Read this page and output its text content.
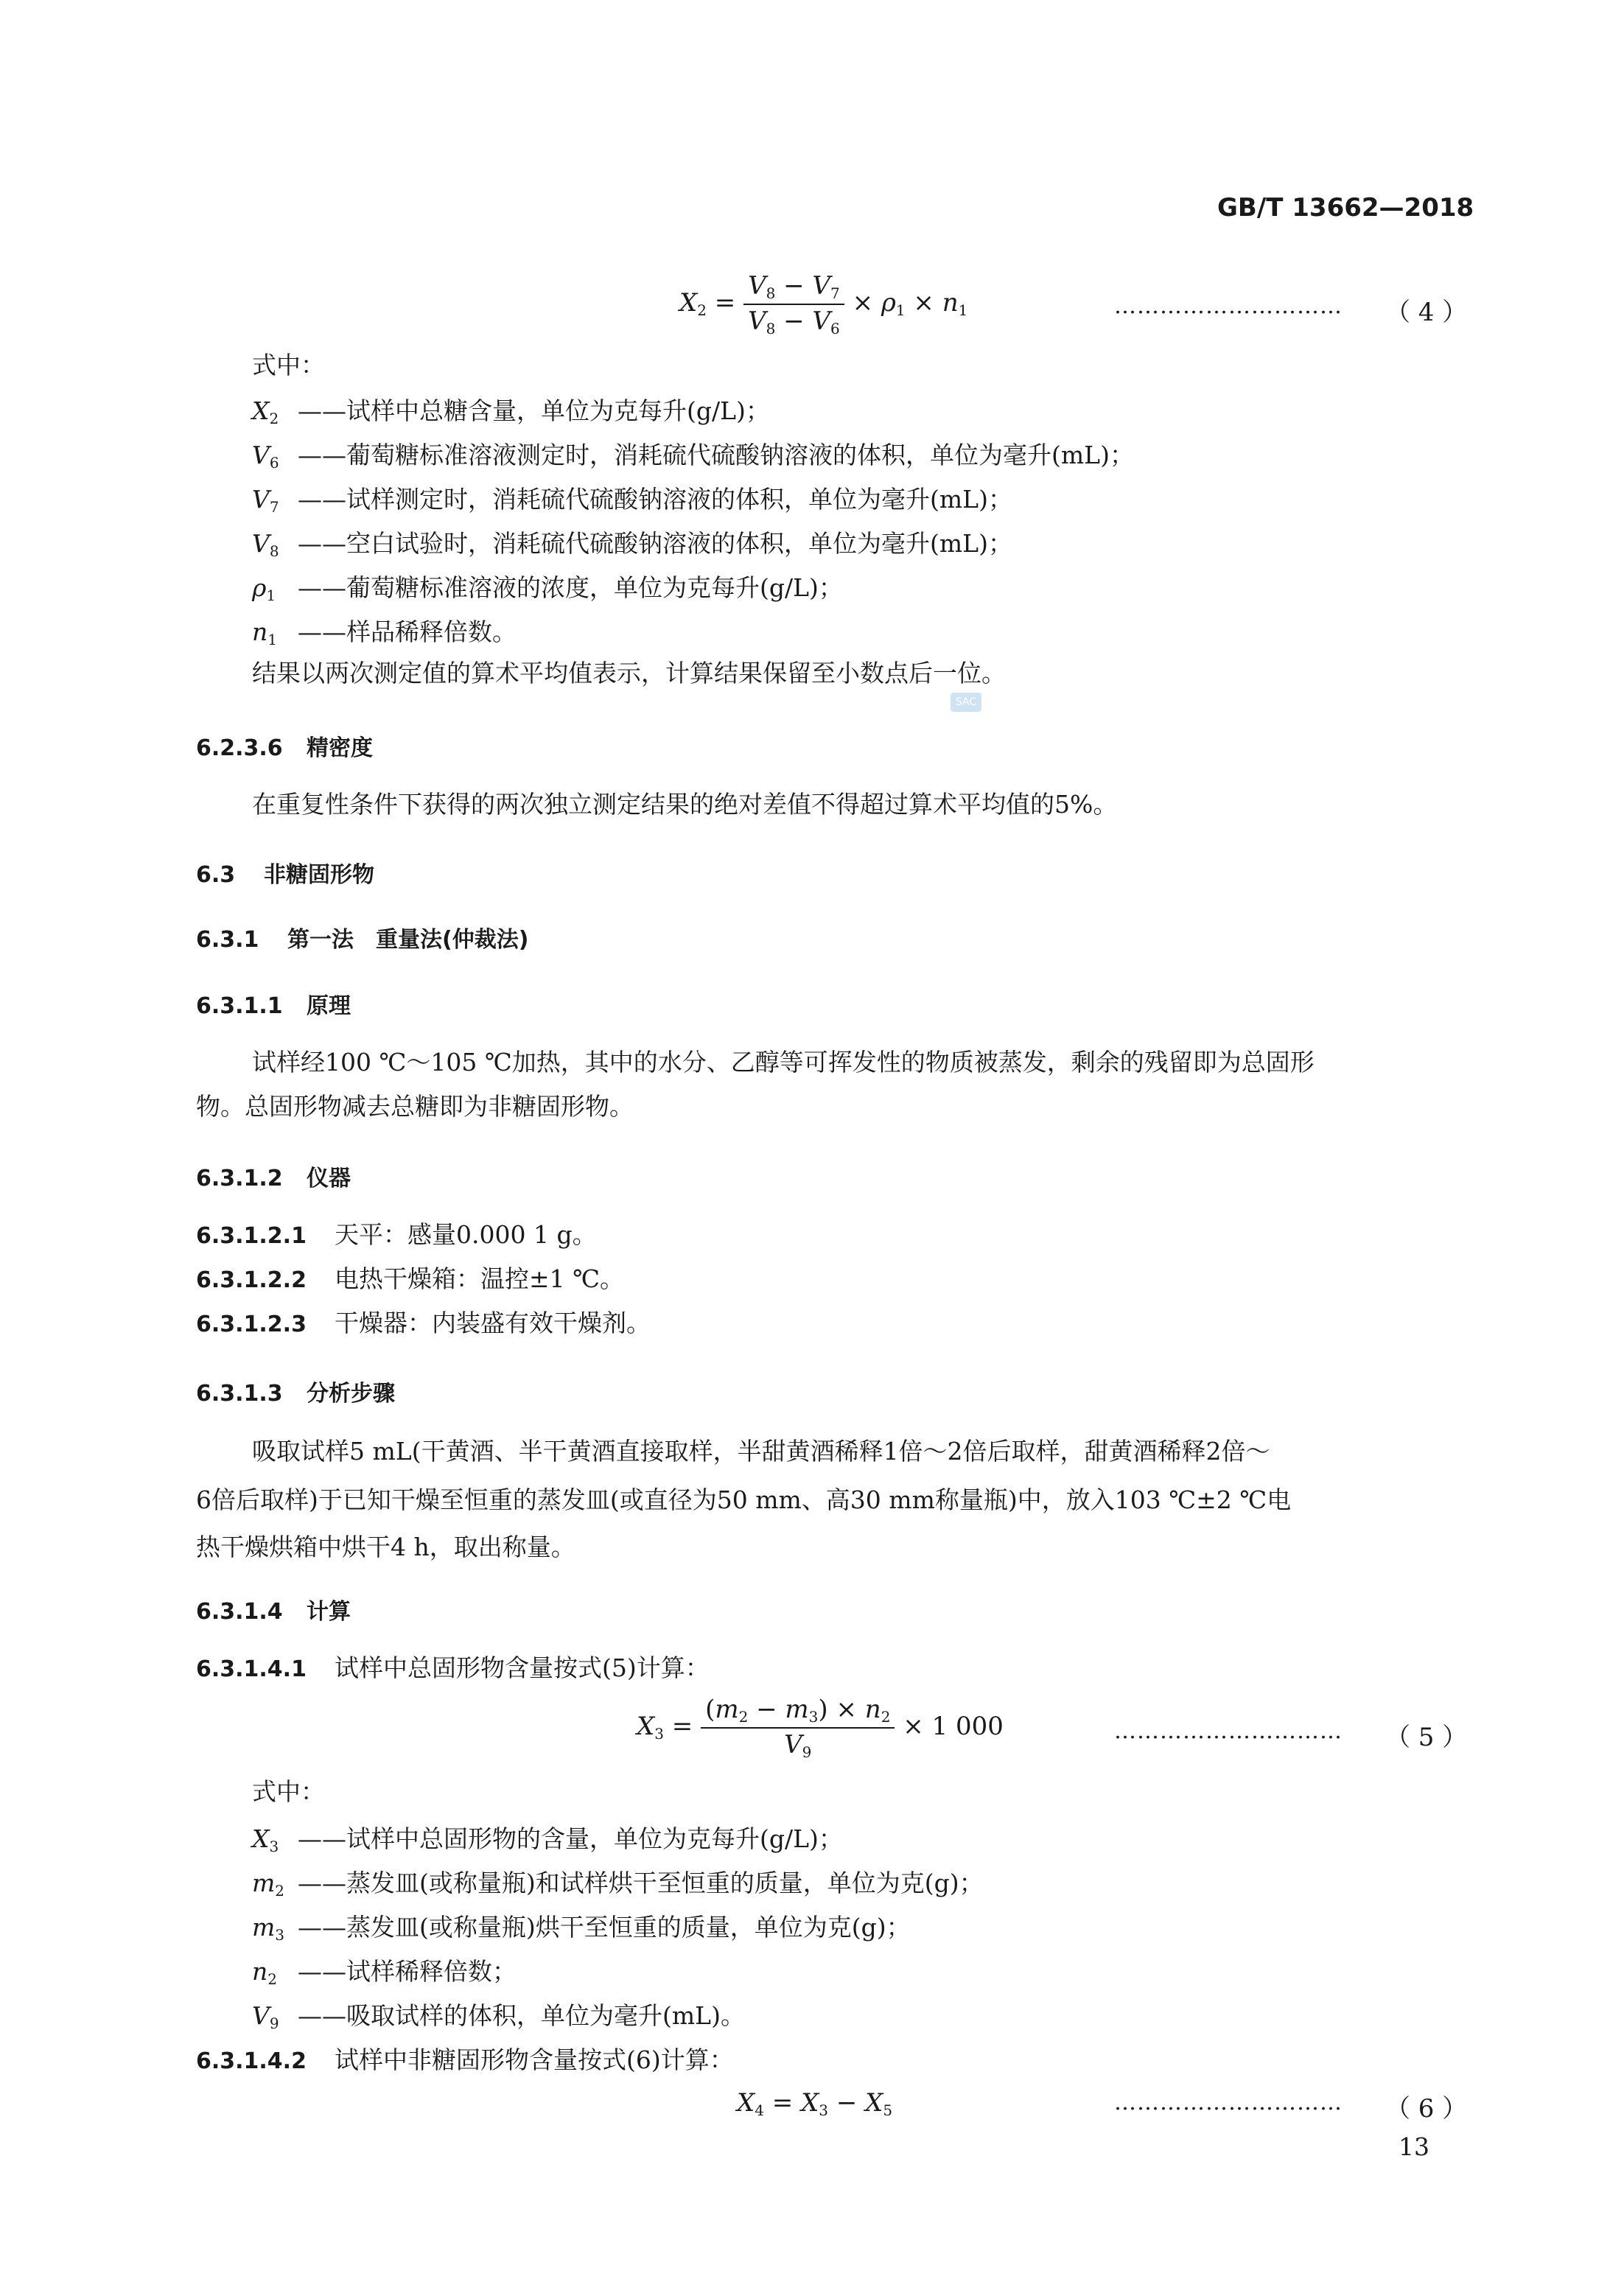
GB/T 13662—2018
$X_2 = \frac{V_8 - V_7}{V_8 - V_6} \times \rho_1 \times n_1$	………………………… （ 4 ）
式中：
$X_2$ ——试样中总糖含量，单位为克每升(g/L)；
$V_6$ ——葡萄糖标准溶液测定时，消耗硫代硫酸钠溶液的体积，单位为毫升(mL)；
$V_7$ ——试样测定时，消耗硫代硫酸钠溶液的体积，单位为毫升(mL)；
$V_8$ ——空白试验时，消耗硫代硫酸钠溶液的体积，单位为毫升(mL)；
$\rho_1$ ——葡萄糖标准溶液的浓度，单位为克每升(g/L)；
$n_1$ ——样品稀释倍数。
结果以两次测定值的算术平均值表示，计算结果保留至小数点后一位。
SAC
6.2.3.6 精密度
在重复性条件下获得的两次独立测定结果的绝对差值不得超过算术平均值的5%。
6.3 非糖固形物
6.3.1 第一法　重量法(仲裁法)
6.3.1.1 原理
试样经100 ℃～105 ℃加热，其中的水分、乙醇等可挥发性的物质被蒸发，剩余的残留即为总固形
物。总固形物减去总糖即为非糖固形物。
6.3.1.2 仪器
6.3.1.2.1 天平：感量0.000 1 g。
6.3.1.2.2 电热干燥箱：温控±1 ℃。
6.3.1.2.3 干燥器：内装盛有效干燥剂。
6.3.1.3 分析步骤
吸取试样5 mL(干黄酒、半干黄酒直接取样，半甜黄酒稀释1倍～2倍后取样，甜黄酒稀释2倍～
6倍后取样)于已知干燥至恒重的蒸发皿(或直径为50 mm、高30 mm称量瓶)中，放入103 ℃±2 ℃电
热干燥烘箱中烘干4 h，取出称量。
6.3.1.4 计算
6.3.1.4.1 试样中总固形物含量按式(5)计算：
$X_3 = \frac{(m_2 - m_3) \times n_2}{V_9} \times 1$ 000	………………………… （ 5 ）
式中：
$X_3$ ——试样中总固形物的含量，单位为克每升(g/L)；
$m_2$ ——蒸发皿(或称量瓶)和试样烘干至恒重的质量，单位为克(g)；
$m_3$ ——蒸发皿(或称量瓶)烘干至恒重的质量，单位为克(g)；
$n_2$ ——试样稀释倍数；
$V_9$ ——吸取试样的体积，单位为毫升(mL)。
6.3.1.4.2 试样中非糖固形物含量按式(6)计算：
$X_4 = X_3 - X_5$	………………………… （ 6 ）
13
